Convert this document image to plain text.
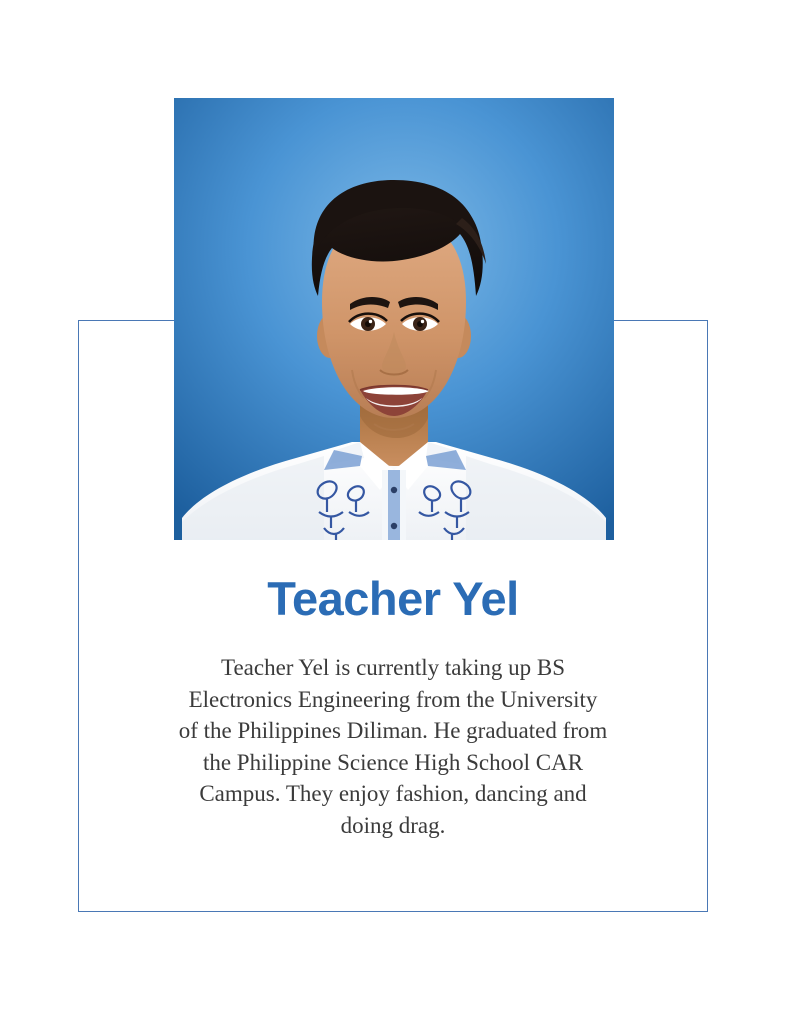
Teacher Yel

Teacher Yel is currently taking up BS Electronics Engineering from the University of the Philippines Diliman. He graduated from the Philippine Science High School CAR Campus. They enjoy fashion, dancing and doing drag.
